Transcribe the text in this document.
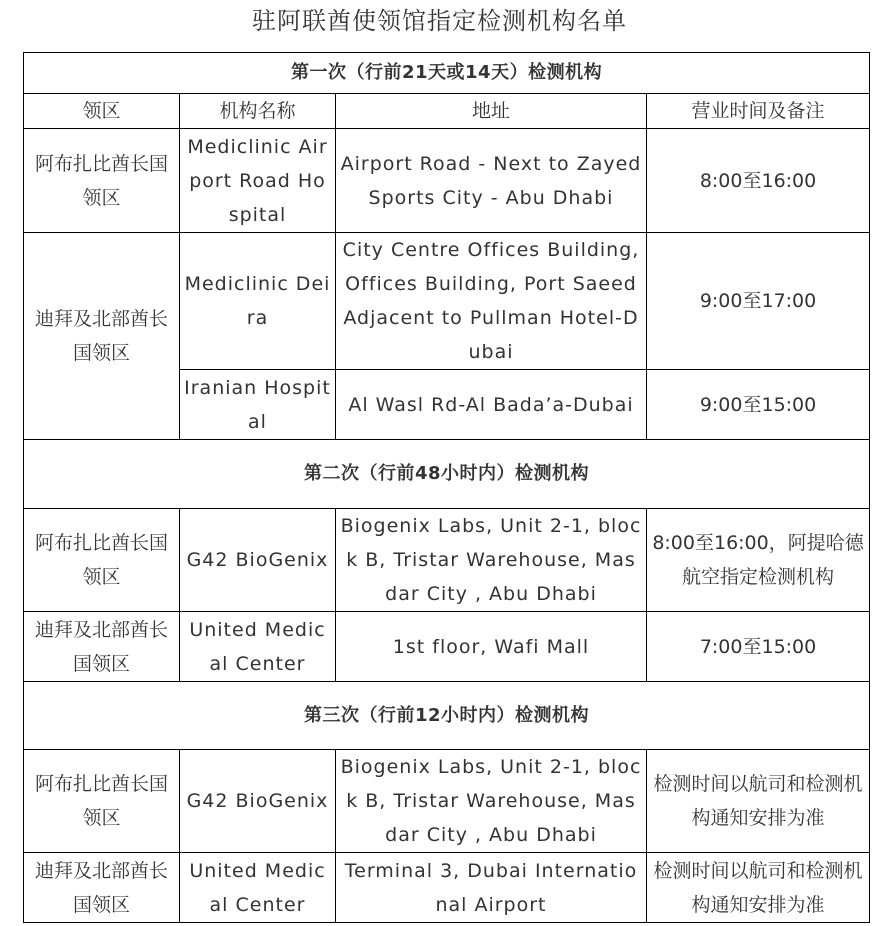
驻阿联酋使领馆指定检测机构名单
第一次（行前21天或14天）检测机构			
领区	机构名称	地址	营业时间及备注
阿布扎比酋长国领区	Mediclinic Airport Road Hospital	Airport Road - Next to Zayed Sports City - Abu Dhabi	8:00至16:00
迪拜及北部酋长国领区	Mediclinic Deira	City Centre Offices Building, Offices Building, Port Saeed Adjacent to Pullman Hotel-Dubai	9:00至17:00
	Iranian Hospital	Al Wasl Rd-Al Bada’a-Dubai	9:00至15:00
第二次（行前48小时内）检测机构			
阿布扎比酋长国领区	G42 BioGenix	Biogenix Labs, Unit 2-1, block B, Tristar Warehouse, Masdar City , Abu Dhabi	8:00至16:00，阿提哈德航空指定检测机构
迪拜及北部酋长国领区	United Medical Center	1st floor, Wafi Mall	7:00至15:00
第三次（行前12小时内）检测机构			
阿布扎比酋长国领区	G42 BioGenix	Biogenix Labs, Unit 2-1, block B, Tristar Warehouse, Masdar City , Abu Dhabi	检测时间以航司和检测机构通知安排为准
迪拜及北部酋长国领区	United Medical Center	Terminal 3, Dubai International Airport	检测时间以航司和检测机构通知安排为准
